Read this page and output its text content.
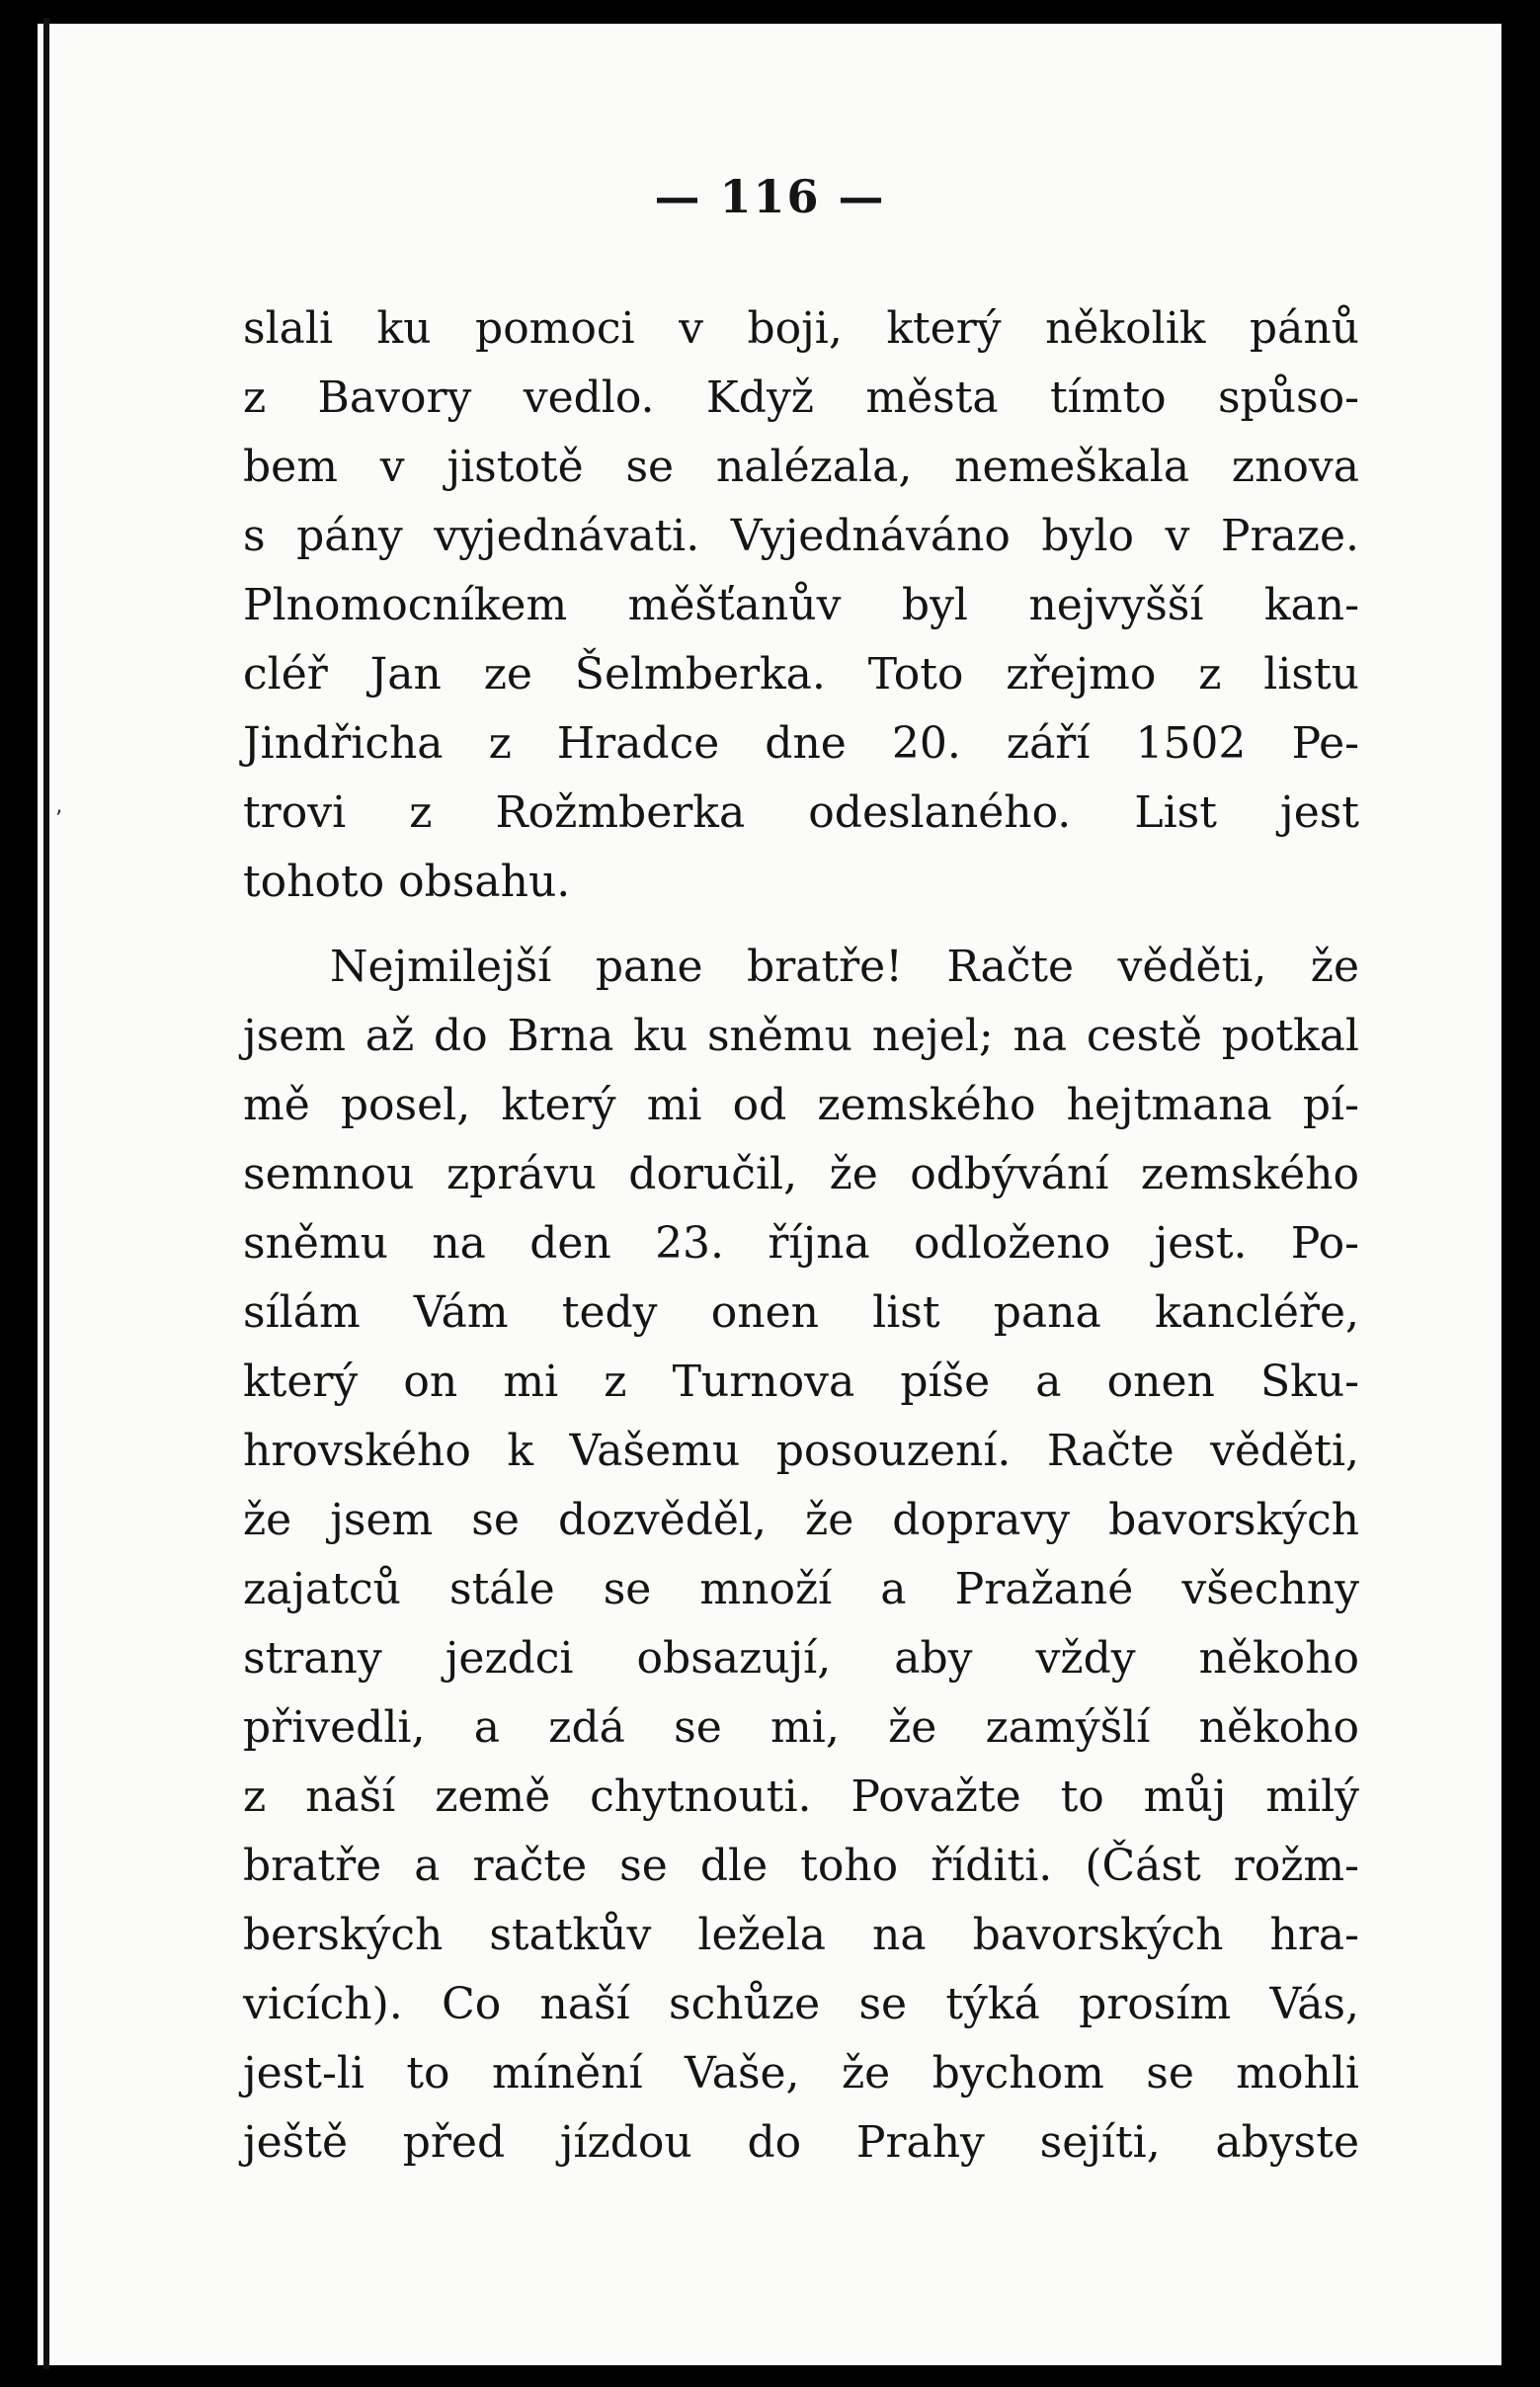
’
— 116 —
slali ku pomoci v boji, který několik pánů
z Bavory vedlo. Když města tímto spůso-
bem v jistotě se nalézala, nemeškala znova
s pány vyjednávati. Vyjednáváno bylo v Praze.
Plnomocníkem měšťanův byl nejvyšší kan-
cléř Jan ze Šelmberka. Toto zřejmo z listu
Jindřicha z Hradce dne 20. září 1502 Pe-
trovi z Rožmberka odeslaného. List jest
tohoto obsahu.
Nejmilejší pane bratře! Račte věděti, že
jsem až do Brna ku sněmu nejel; na cestě potkal
mě posel, který mi od zemského hejtmana pí-
semnou zprávu doručil, že odbývání zemského
sněmu na den 23. října odloženo jest. Po-
sílám Vám tedy onen list pana kancléře,
který on mi z Turnova píše a onen Sku-
hrovského k Vašemu posouzení. Račte věděti,
že jsem se dozvěděl, že dopravy bavorských
zajatců stále se množí a Pražané všechny
strany jezdci obsazují, aby vždy někoho
přivedli, a zdá se mi, že zamýšlí někoho
z naší země chytnouti. Považte to můj milý
bratře a račte se dle toho říditi. (Část rožm-
berských statkův ležela na bavorských hra-
vicích). Co naší schůze se týká prosím Vás,
jest-li to mínění Vaše, že bychom se mohli
ještě před jízdou do Prahy sejíti, abyste
